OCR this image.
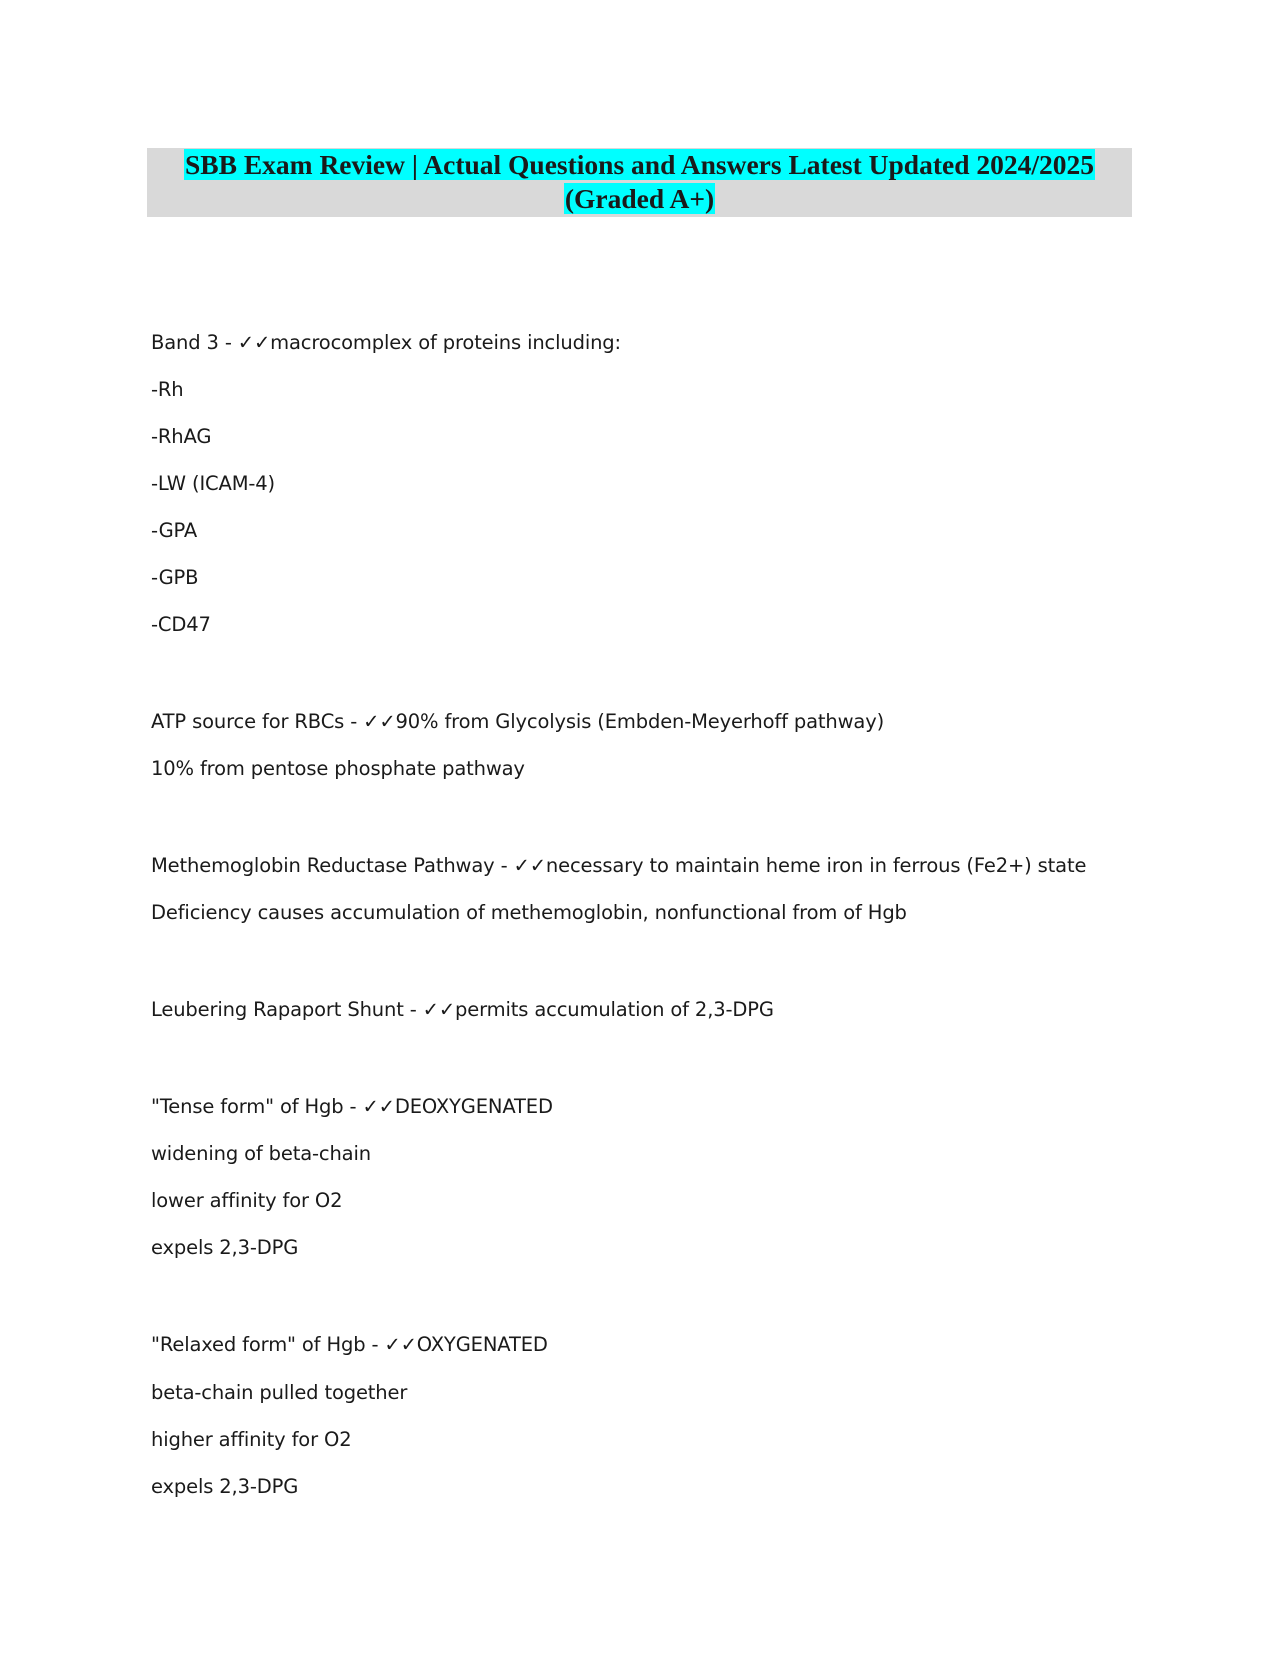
SBB Exam Review | Actual Questions and Answers Latest Updated 2024/2025
(Graded A+)
Band 3 - ✓✓macrocomplex of proteins including:
-Rh
-RhAG
-LW (ICAM-4)
-GPA
-GPB
-CD47
ATP source for RBCs - ✓✓90% from Glycolysis (Embden-Meyerhoff pathway)
10% from pentose phosphate pathway
Methemoglobin Reductase Pathway - ✓✓necessary to maintain heme iron in ferrous (Fe2+) state
Deficiency causes accumulation of methemoglobin, nonfunctional from of Hgb
Leubering Rapaport Shunt - ✓✓permits accumulation of 2,3-DPG
"Tense form" of Hgb - ✓✓DEOXYGENATED
widening of beta-chain
lower affinity for O2
expels 2,3-DPG
"Relaxed form" of Hgb - ✓✓OXYGENATED
beta-chain pulled together
higher affinity for O2
expels 2,3-DPG
